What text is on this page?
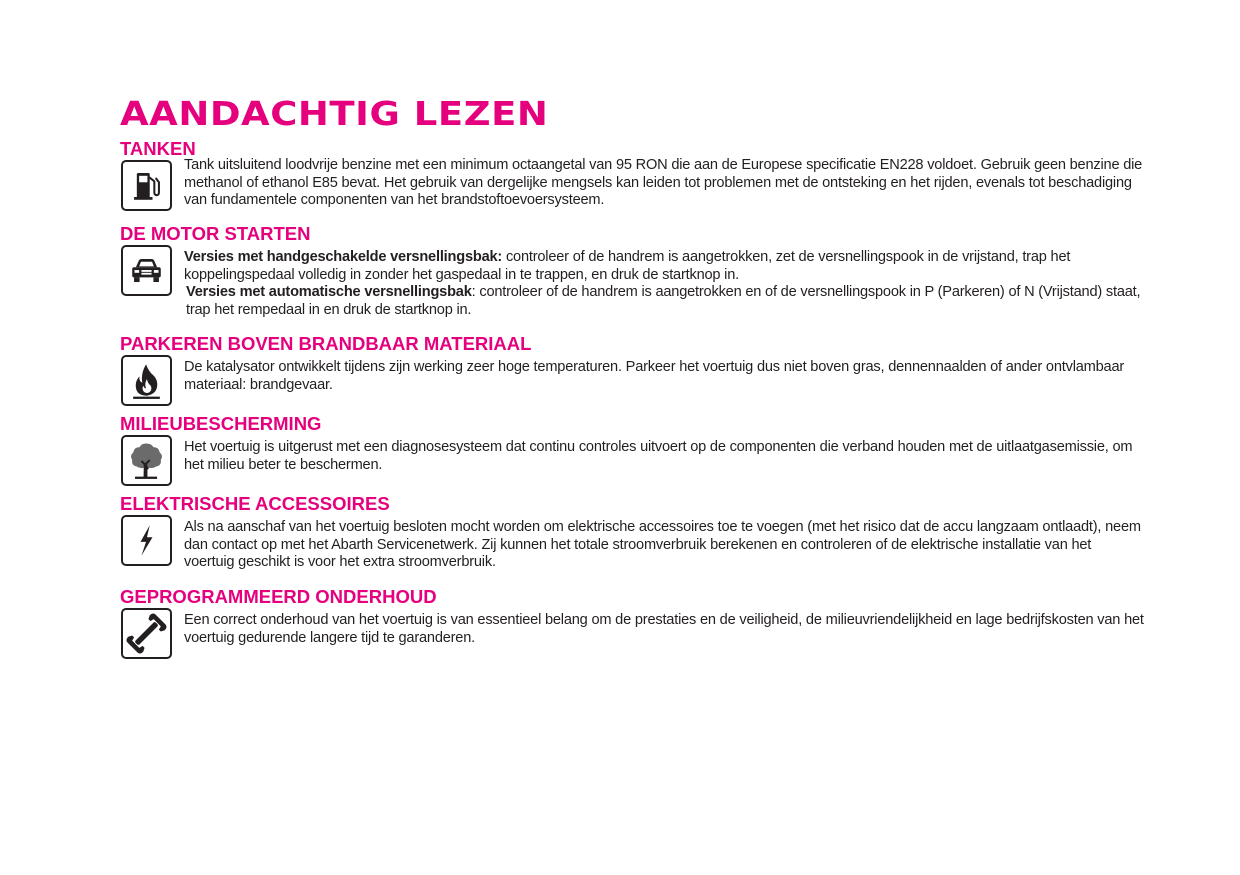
AANDACHTIG LEZEN
TANKEN

Tank uitsluitend loodvrije benzine met een minimum octaangetal van 95 RON die aan de Europese specificatie EN228 voldoet. Gebruik geen benzine die methanol of ethanol E85 bevat. Het gebruik van dergelijke mengsels kan leiden tot problemen met de ontsteking en het rijden, evenals tot beschadiging van fundamentele componenten van het brandstoftoevoersysteem.

DE MOTOR STARTEN

Versies met handgeschakelde versnellingsbak: controleer of de handrem is aangetrokken, zet de versnellingspook in de vrijstand, trap het koppelingspedaal volledig in zonder het gaspedaal in te trappen, en druk de startknop in.

Versies met automatische versnellingsbak: controleer of de handrem is aangetrokken en of de versnellingspook in P (Parkeren) of N (Vrijstand) staat, trap het rempedaal in en druk de startknop in.

PARKEREN BOVEN BRANDBAAR MATERIAAL

De katalysator ontwikkelt tijdens zijn werking zeer hoge temperaturen. Parkeer het voertuig dus niet boven gras, dennennaalden of ander ontvlambaar materiaal: brandgevaar.

MILIEUBESCHERMING

Het voertuig is uitgerust met een diagnosesysteem dat continu controles uitvoert op de componenten die verband houden met de uitlaatgasemissie, om het milieu beter te beschermen.

ELEKTRISCHE ACCESSOIRES

Als na aanschaf van het voertuig besloten mocht worden om elektrische accessoires toe te voegen (met het risico dat de accu langzaam ontlaadt), neem dan contact op met het Abarth Servicenetwerk. Zij kunnen het totale stroomverbruik berekenen en controleren of de elektrische installatie van het voertuig geschikt is voor het extra stroomverbruik.

GEPROGRAMMEERD ONDERHOUD

Een correct onderhoud van het voertuig is van essentieel belang om de prestaties en de veiligheid, de milieuvriendelijkheid en lage bedrijfskosten van het voertuig gedurende langere tijd te garanderen.
